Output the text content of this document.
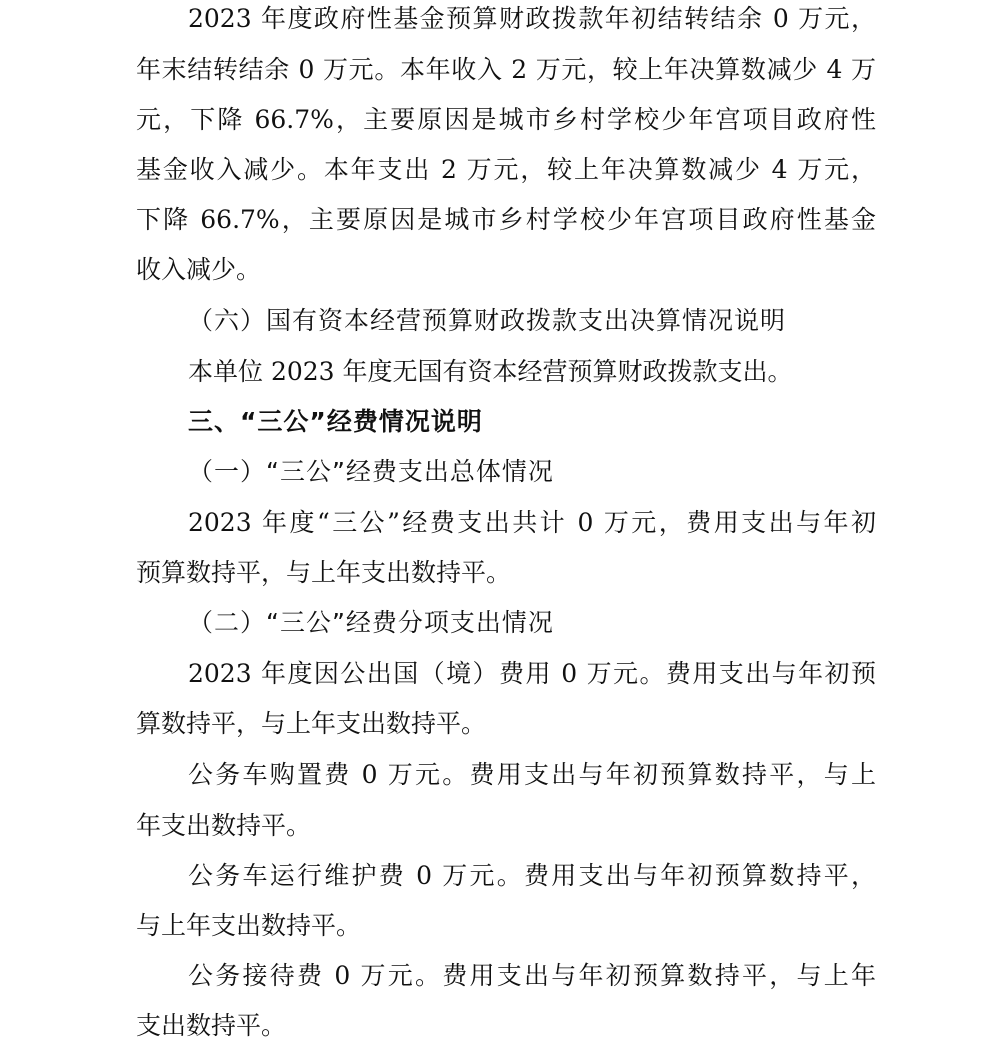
2023 年度政府性基金预算财政拨款年初结转结余 0 万元，
年末结转结余 0 万元。本年收入 2 万元，较上年决算数减少 4 万
元，下降 66.7%，主要原因是城市乡村学校少年宫项目政府性
基金收入减少。本年支出 2 万元，较上年决算数减少 4 万元，
下降 66.7%，主要原因是城市乡村学校少年宫项目政府性基金
收入减少。
（六）国有资本经营预算财政拨款支出决算情况说明
本单位 2023 年度无国有资本经营预算财政拨款支出。
三、“三公”经费情况说明
（一）“三公”经费支出总体情况
2023 年度“三公”经费支出共计 0 万元，费用支出与年初
预算数持平，与上年支出数持平。
（二）“三公”经费分项支出情况
2023 年度因公出国（境）费用 0 万元。费用支出与年初预
算数持平，与上年支出数持平。
公务车购置费 0 万元。费用支出与年初预算数持平，与上
年支出数持平。
公务车运行维护费 0 万元。费用支出与年初预算数持平，
与上年支出数持平。
公务接待费 0 万元。费用支出与年初预算数持平，与上年
支出数持平。
